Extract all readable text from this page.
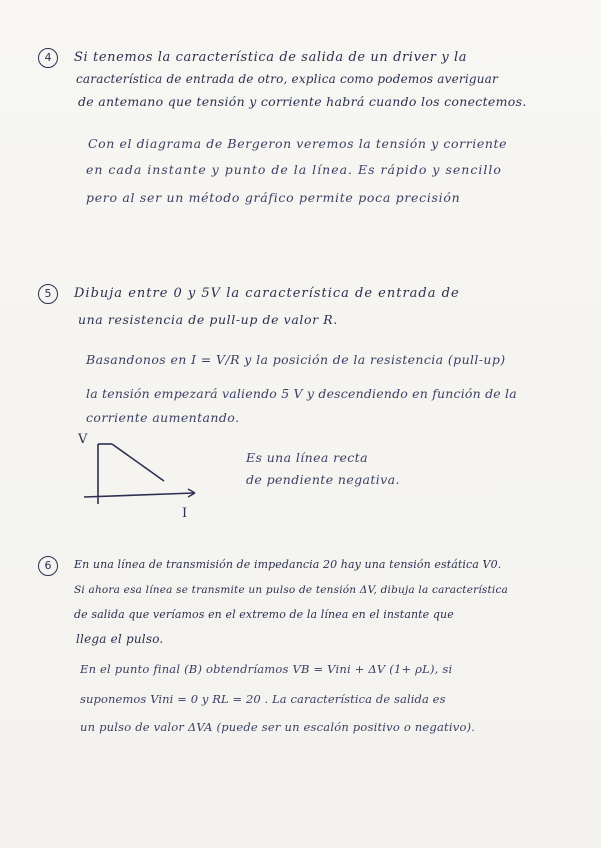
4	Si tenemos la característica de salida de un driver y la
característica de entrada de otro, explica como podemos averiguar
de antemano que tensión y corriente habrá cuando los conectemos.
Con el diagrama de Bergeron veremos la tensión y corriente
en cada instante y punto de la línea. Es rápido y sencillo
pero al ser un método gráfico permite poca precisión
5	Dibuja entre 0 y 5V la característica de entrada de
una resistencia de pull-up de valor R.
Basandonos en I = V/R y la posición de la resistencia (pull-up)
la tensión empezará valiendo 5 V y descendiendo en función de la
corriente aumentando.
V
I
Es una línea recta
de pendiente negativa.
6	En una línea de transmisión de impedancia 20 hay una tensión estática V0.
Si ahora esa línea se transmite un pulso de tensión ΔV, dibuja la característica
de salida que veríamos en el extremo de la línea en el instante que
llega el pulso.
En el punto final (B) obtendríamos VB = Vini + ΔV (1+ ρL), si
suponemos Vini = 0 y RL = 20 . La característica de salida es
un pulso de valor ΔVA (puede ser un escalón positivo o negativo).
